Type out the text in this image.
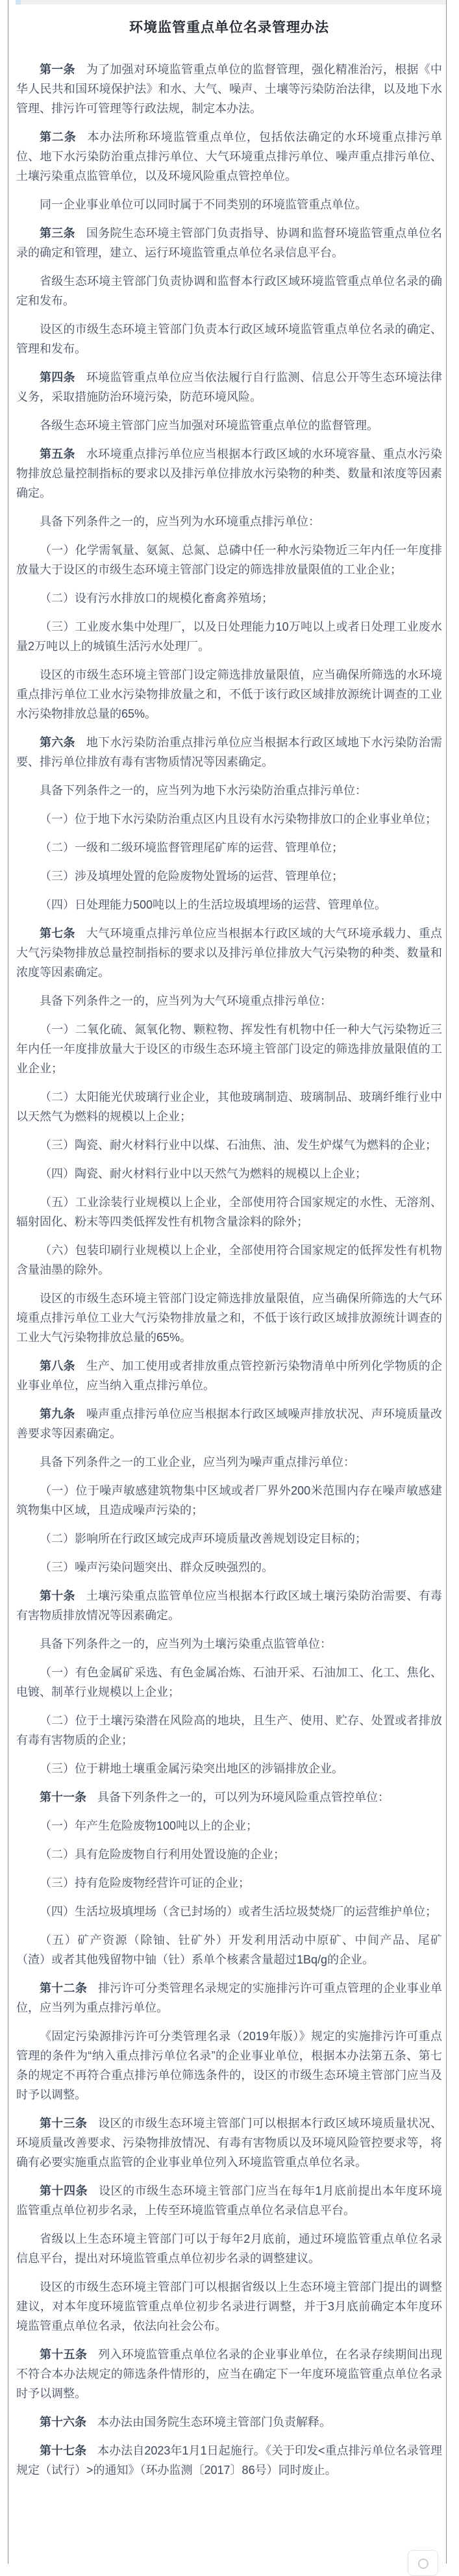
环境监管重点单位名录管理办法

第一条 为了加强对环境监管重点单位的监督管理，强化精准治污，根据《中华人民共和国环境保护法》和水、大气、噪声、土壤等污染防治法律，以及地下水管理、排污许可管理等行政法规，制定本办法。

第二条 本办法所称环境监管重点单位，包括依法确定的水环境重点排污单位、地下水污染防治重点排污单位、大气环境重点排污单位、噪声重点排污单位、土壤污染重点监管单位，以及环境风险重点管控单位。

同一企业事业单位可以同时属于不同类别的环境监管重点单位。

第三条 国务院生态环境主管部门负责指导、协调和监督环境监管重点单位名录的确定和管理，建立、运行环境监管重点单位名录信息平台。

省级生态环境主管部门负责协调和监督本行政区域环境监管重点单位名录的确定和发布。

设区的市级生态环境主管部门负责本行政区域环境监管重点单位名录的确定、管理和发布。

第四条 环境监管重点单位应当依法履行自行监测、信息公开等生态环境法律义务，采取措施防治环境污染，防范环境风险。

各级生态环境主管部门应当加强对环境监管重点单位的监督管理。

第五条 水环境重点排污单位应当根据本行政区域的水环境容量、重点水污染物排放总量控制指标的要求以及排污单位排放水污染物的种类、数量和浓度等因素确定。

具备下列条件之一的，应当列为水环境重点排污单位：

（一）化学需氧量、氨氮、总氮、总磷中任一种水污染物近三年内任一年度排放量大于设区的市级生态环境主管部门设定的筛选排放量限值的工业企业；

（二）设有污水排放口的规模化畜禽养殖场；

（三）工业废水集中处理厂，以及日处理能力10万吨以上或者日处理工业废水量2万吨以上的城镇生活污水处理厂。

设区的市级生态环境主管部门设定筛选排放量限值，应当确保所筛选的水环境重点排污单位工业水污染物排放量之和，不低于该行政区域排放源统计调查的工业水污染物排放总量的65%。

第六条 地下水污染防治重点排污单位应当根据本行政区域地下水污染防治需要、排污单位排放有毒有害物质情况等因素确定。

具备下列条件之一的，应当列为地下水污染防治重点排污单位：

（一）位于地下水污染防治重点区内且设有水污染物排放口的企业事业单位；

（二）一级和二级环境监督管理尾矿库的运营、管理单位；

（三）涉及填埋处置的危险废物处置场的运营、管理单位；

（四）日处理能力500吨以上的生活垃圾填埋场的运营、管理单位。

第七条 大气环境重点排污单位应当根据本行政区域的大气环境承载力、重点大气污染物排放总量控制指标的要求以及排污单位排放大气污染物的种类、数量和浓度等因素确定。

具备下列条件之一的，应当列为大气环境重点排污单位：

（一）二氧化硫、氮氧化物、颗粒物、挥发性有机物中任一种大气污染物近三年内任一年度排放量大于设区的市级生态环境主管部门设定的筛选排放量限值的工业企业；

（二）太阳能光伏玻璃行业企业，其他玻璃制造、玻璃制品、玻璃纤维行业中以天然气为燃料的规模以上企业；

（三）陶瓷、耐火材料行业中以煤、石油焦、油、发生炉煤气为燃料的企业；

（四）陶瓷、耐火材料行业中以天然气为燃料的规模以上企业；

（五）工业涂装行业规模以上企业，全部使用符合国家规定的水性、无溶剂、辐射固化、粉末等四类低挥发性有机物含量涂料的除外；

（六）包装印刷行业规模以上企业，全部使用符合国家规定的低挥发性有机物含量油墨的除外。

设区的市级生态环境主管部门设定筛选排放量限值，应当确保所筛选的大气环境重点排污单位工业大气污染物排放量之和，不低于该行政区域排放源统计调查的工业大气污染物排放总量的65%。

第八条 生产、加工使用或者排放重点管控新污染物清单中所列化学物质的企业事业单位，应当纳入重点排污单位。

第九条 噪声重点排污单位应当根据本行政区域噪声排放状况、声环境质量改善要求等因素确定。

具备下列条件之一的工业企业，应当列为噪声重点排污单位：

（一）位于噪声敏感建筑物集中区域或者厂界外200米范围内存在噪声敏感建筑物集中区域，且造成噪声污染的；

（二）影响所在行政区域完成声环境质量改善规划设定目标的；

（三）噪声污染问题突出、群众反映强烈的。

第十条 土壤污染重点监管单位应当根据本行政区域土壤污染防治需要、有毒有害物质排放情况等因素确定。

具备下列条件之一的，应当列为土壤污染重点监管单位：

（一）有色金属矿采选、有色金属冶炼、石油开采、石油加工、化工、焦化、电镀、制革行业规模以上企业；

（二）位于土壤污染潜在风险高的地块，且生产、使用、贮存、处置或者排放有毒有害物质的企业；

（三）位于耕地土壤重金属污染突出地区的涉镉排放企业。

第十一条 具备下列条件之一的，可以列为环境风险重点管控单位：

（一）年产生危险废物100吨以上的企业；

（二）具有危险废物自行利用处置设施的企业；

（三）持有危险废物经营许可证的企业；

（四）生活垃圾填埋场（含已封场的）或者生活垃圾焚烧厂的运营维护单位；

（五）矿产资源（除铀、钍矿外）开发利用活动中原矿、中间产品、尾矿（渣）或者其他残留物中铀（钍）系单个核素含量超过1Bq/g的企业。

第十二条 排污许可分类管理名录规定的实施排污许可重点管理的企业事业单位，应当列为重点排污单位。

《固定污染源排污许可分类管理名录（2019年版）》规定的实施排污许可重点管理的条件为“纳入重点排污单位名录”的企业事业单位，根据本办法第五条、第七条的规定不再符合重点排污单位筛选条件的，设区的市级生态环境主管部门应当及时予以调整。

第十三条 设区的市级生态环境主管部门可以根据本行政区域环境质量状况、环境质量改善要求、污染物排放情况、有毒有害物质以及环境风险管控要求等，将确有必要实施重点监管的企业事业单位列入环境监管重点单位名录。

第十四条 设区的市级生态环境主管部门应当在每年1月底前提出本年度环境监管重点单位初步名录，上传至环境监管重点单位名录信息平台。

省级以上生态环境主管部门可以于每年2月底前，通过环境监管重点单位名录信息平台，提出对环境监管重点单位初步名录的调整建议。

设区的市级生态环境主管部门可以根据省级以上生态环境主管部门提出的调整建议，对本年度环境监管重点单位初步名录进行调整，并于3月底前确定本年度环境监管重点单位名录，依法向社会公布。

第十五条 列入环境监管重点单位名录的企业事业单位，在名录存续期间出现不符合本办法规定的筛选条件情形的，应当在确定下一年度环境监管重点单位名录时予以调整。

第十六条 本办法由国务院生态环境主管部门负责解释。

第十七条 本办法自2023年1月1日起施行。《关于印发<重点排污单位名录管理规定（试行）>的通知》（环办监测〔2017〕86号）同时废止。
